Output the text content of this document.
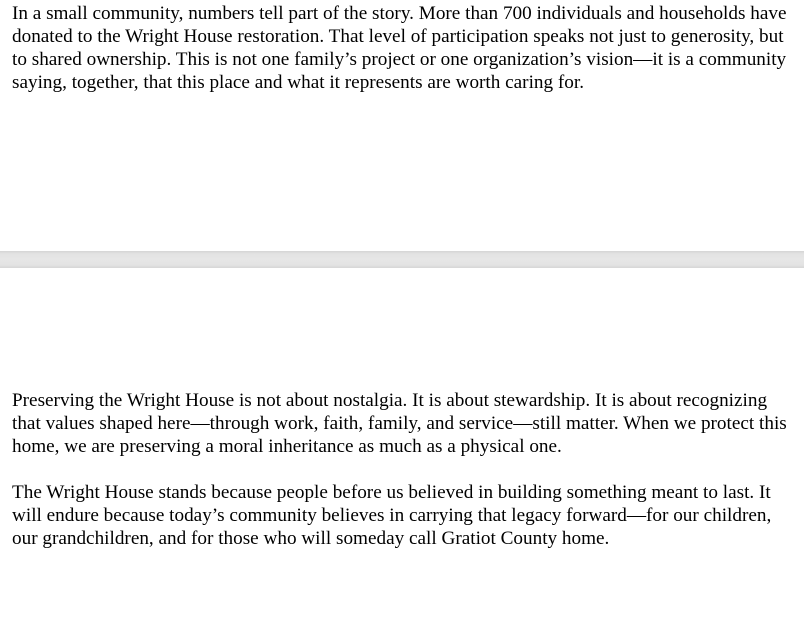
In a small community, numbers tell part of the story. More than 700 individuals and households have donated to the Wright House restoration. That level of participation speaks not just to generosity, but to shared ownership. This is not one family’s project or one organization’s vision—it is a community saying, together, that this place and what it represents are worth caring for.

Preserving the Wright House is not about nostalgia. It is about stewardship. It is about recognizing that values shaped here—through work, faith, family, and service—still matter. When we protect this home, we are preserving a moral inheritance as much as a physical one.

The Wright House stands because people before us believed in building something meant to last. It will endure because today’s community believes in carrying that legacy forward—for our children, our grandchildren, and for those who will someday call Gratiot County home.
